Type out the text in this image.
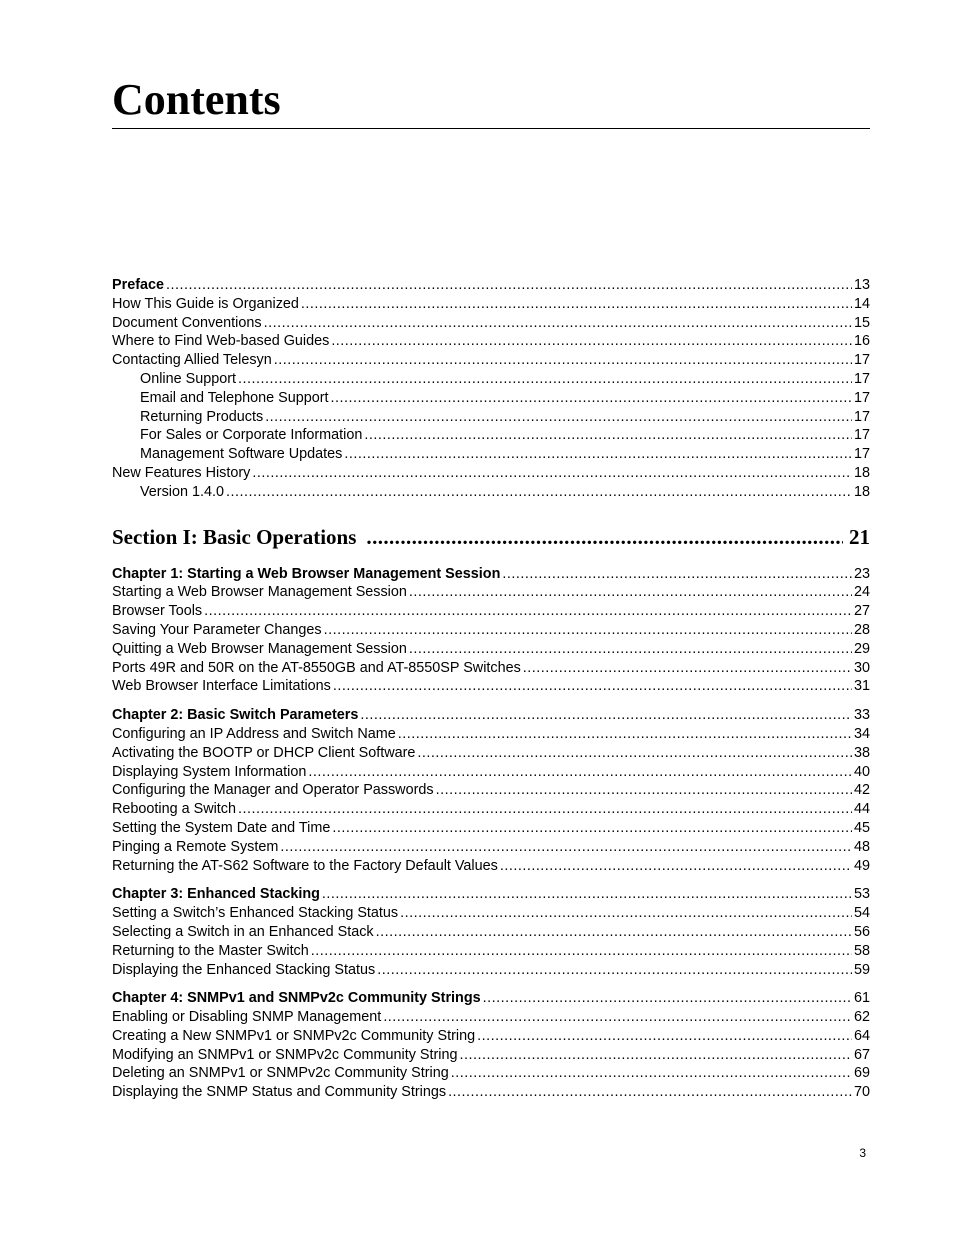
Contents
Preface .....	13
How This Guide is Organized .....	14
Document Conventions .....	15
Where to Find Web-based Guides .....	16
Contacting Allied Telesyn .....	17
Online Support .....	17
Email and Telephone Support .....	17
Returning Products .....	17
For Sales or Corporate Information .....	17
Management Software Updates .....	17
New Features History .....	18
Version 1.4.0 .....	18
Section I: Basic Operations .....	21
Chapter 1: Starting a Web Browser Management Session .....	23
Starting a Web Browser Management Session .....	24
Browser Tools .....	27
Saving Your Parameter Changes .....	28
Quitting a Web Browser Management Session .....	29
Ports 49R and 50R on the AT-8550GB and AT-8550SP Switches .....	30
Web Browser Interface Limitations .....	31
Chapter 2: Basic Switch Parameters .....	33
Configuring an IP Address and Switch Name .....	34
Activating the BOOTP or DHCP Client Software .....	38
Displaying System Information .....	40
Configuring the Manager and Operator Passwords .....	42
Rebooting a Switch .....	44
Setting the System Date and Time .....	45
Pinging a Remote System .....	48
Returning the AT-S62 Software to the Factory Default Values .....	49
Chapter 3: Enhanced Stacking .....	53
Setting a Switch’s Enhanced Stacking Status .....	54
Selecting a Switch in an Enhanced Stack .....	56
Returning to the Master Switch .....	58
Displaying the Enhanced Stacking Status .....	59
Chapter 4: SNMPv1 and SNMPv2c Community Strings .....	61
Enabling or Disabling SNMP Management .....	62
Creating a New SNMPv1 or SNMPv2c Community String .....	64
Modifying an SNMPv1 or SNMPv2c Community String .....	67
Deleting an SNMPv1 or SNMPv2c Community String .....	69
Displaying the SNMP Status and Community Strings .....	70
3
